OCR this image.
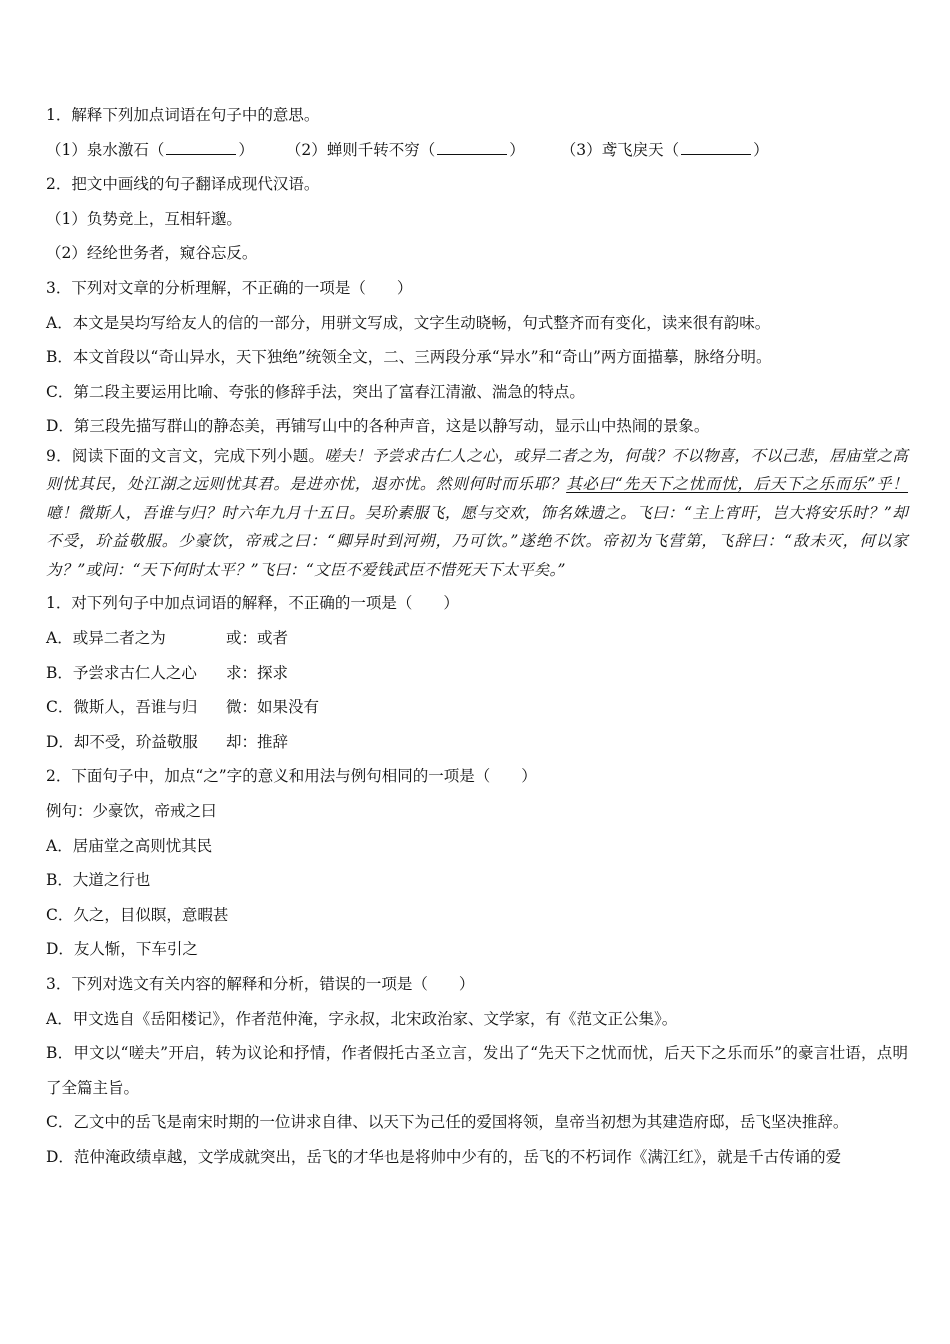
1．解释下列加点词语在句子中的意思。
（1）泉水激石（	） （2）蝉则千转不穷（	） （3）鸢飞戾天（	）
2．把文中画线的句子翻译成现代汉语。
（1）负势竞上，互相轩邈。
（2）经纶世务者，窥谷忘反。
3．下列对文章的分析理解，不正确的一项是（　　）
A．本文是吴均写给友人的信的一部分，用骈文写成，文字生动晓畅，句式整齐而有变化，读来很有韵味。
B．本文首段以“奇山异水，天下独绝”统领全文，二、三两段分承“异水”和“奇山”两方面描摹，脉络分明。
C．第二段主要运用比喻、夸张的修辞手法，突出了富春江清澈、湍急的特点。
D．第三段先描写群山的静态美，再铺写山中的各种声音，这是以静写动，显示山中热闹的景象。
9．阅读下面的文言文，完成下列小题。嗟夫！予尝求古仁人之心，或异二者之为，何哉？不以物喜，不以己悲，居庙堂之高则忧其民，处江湖之远则忧其君。是进亦忧，退亦忧。然则何时而乐耶？其必曰“先天下之忧而忧，后天下之乐而乐”乎！噫！微斯人，吾谁与归？时六年九月十五日。吴玠素服飞，愿与交欢，饰名姝遗之。飞曰：“主上宵旰，岂大将安乐时？”却不受，玠益敬服。少豪饮，帝戒之曰：“卿异时到河朔，乃可饮。”遂绝不饮。帝初为飞营第，飞辞曰：“敌未灭，何以家为？”或问：“天下何时太平？”飞曰：“文臣不爱钱武臣不惜死天下太平矣。”
1．对下列句子中加点词语的解释，不正确的一项是（　　）
A．或异二者之为	或：或者
B．予尝求古仁人之心 求：探求
C．微斯人，吾谁与归 微：如果没有
D．却不受，玠益敬服 却：推辞
2．下面句子中，加点“之”字的意义和用法与例句相同的一项是（　　）
例句：少豪饮，帝戒之曰
A．居庙堂之高则忧其民
B．大道之行也
C．久之，目似瞑，意暇甚
D．友人惭，下车引之
3．下列对选文有关内容的解释和分析，错误的一项是（　　）
A．甲文选自《岳阳楼记》，作者范仲淹，字永叔，北宋政治家、文学家，有《范文正公集》。
B．甲文以“嗟夫”开启，转为议论和抒情，作者假托古圣立言，发出了“先天下之忧而忧，后天下之乐而乐”的豪言壮语，点明了全篇主旨。
C．乙文中的岳飞是南宋时期的一位讲求自律、以天下为己任的爱国将领，皇帝当初想为其建造府邸，岳飞坚决推辞。
D．范仲淹政绩卓越，文学成就突出，岳飞的才华也是将帅中少有的，岳飞的不朽词作《满江红》，就是千古传诵的爱
